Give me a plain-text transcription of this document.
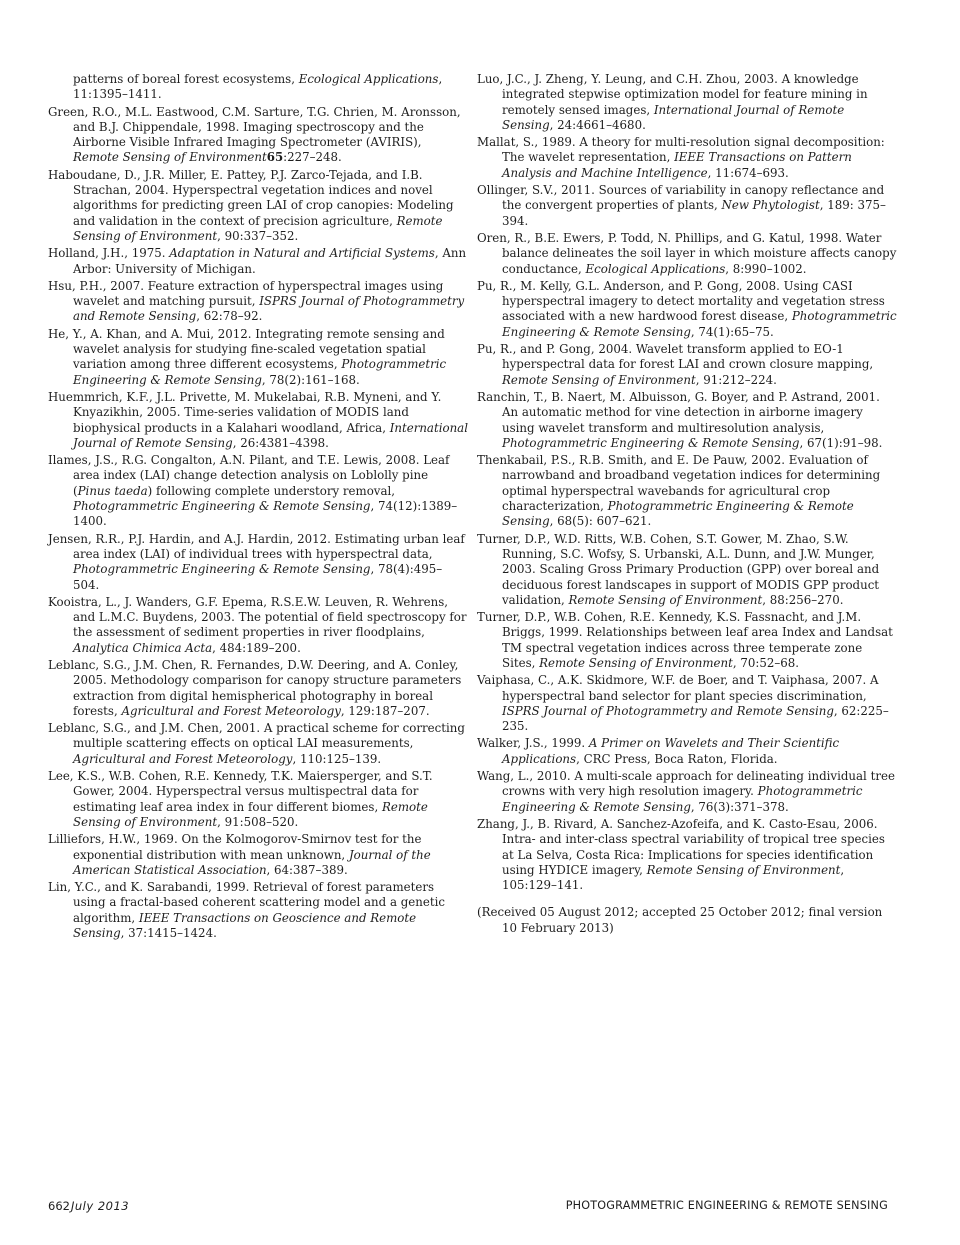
patterns of boreal forest ecosystems, Ecological Applications, 11:1395–1411.

Green, R.O., M.L. Eastwood, C.M. Sarture, T.G. Chrien, M. Aronsson, and B.J. Chippendale, 1998. Imaging spectroscopy and the Airborne Visible Infrared Imaging Spectrometer (AVIRIS), Remote Sensing of Environment65:227–248.

Haboudane, D., J.R. Miller, E. Pattey, P.J. Zarco-Tejada, and I.B. Strachan, 2004. Hyperspectral vegetation indices and novel algorithms for predicting green LAI of crop canopies: Modeling and validation in the context of precision agriculture, Remote Sensing of Environment, 90:337–352.

Holland, J.H., 1975. Adaptation in Natural and Artificial Systems, Ann Arbor: University of Michigan.

Hsu, P.H., 2007. Feature extraction of hyperspectral images using wavelet and matching pursuit, ISPRS Journal of Photogrammetry and Remote Sensing, 62:78–92.

He, Y., A. Khan, and A. Mui, 2012. Integrating remote sensing and wavelet analysis for studying fine-scaled vegetation spatial variation among three different ecosystems, Photogrammetric Engineering & Remote Sensing, 78(2):161–168.

Huemmrich, K.F., J.L. Privette, M. Mukelabai, R.B. Myneni, and Y. Knyazikhin, 2005. Time-series validation of MODIS land biophysical products in a Kalahari woodland, Africa, International Journal of Remote Sensing, 26:4381–4398.

Ilames, J.S., R.G. Congalton, A.N. Pilant, and T.E. Lewis, 2008. Leaf area index (LAI) change detection analysis on Loblolly pine (Pinus taeda) following complete understory removal, Photogrammetric Engineering & Remote Sensing, 74(12):1389–1400.

Jensen, R.R., P.J. Hardin, and A.J. Hardin, 2012. Estimating urban leaf area index (LAI) of individual trees with hyperspectral data, Photogrammetric Engineering & Remote Sensing, 78(4):495–504.

Kooistra, L., J. Wanders, G.F. Epema, R.S.E.W. Leuven, R. Wehrens, and L.M.C. Buydens, 2003. The potential of field spectroscopy for the assessment of sediment properties in river floodplains, Analytica Chimica Acta, 484:189–200.

Leblanc, S.G., J.M. Chen, R. Fernandes, D.W. Deering, and A. Conley, 2005. Methodology comparison for canopy structure parameters extraction from digital hemispherical photography in boreal forests, Agricultural and Forest Meteorology, 129:187–207.

Leblanc, S.G., and J.M. Chen, 2001. A practical scheme for correcting multiple scattering effects on optical LAI measurements, Agricultural and Forest Meteorology, 110:125–139.

Lee, K.S., W.B. Cohen, R.E. Kennedy, T.K. Maiersperger, and S.T. Gower, 2004. Hyperspectral versus multispectral data for estimating leaf area index in four different biomes, Remote Sensing of Environment, 91:508–520.

Lilliefors, H.W., 1969. On the Kolmogorov-Smirnov test for the exponential distribution with mean unknown, Journal of the American Statistical Association, 64:387–389.

Lin, Y.C., and K. Sarabandi, 1999. Retrieval of forest parameters using a fractal-based coherent scattering model and a genetic algorithm, IEEE Transactions on Geoscience and Remote Sensing, 37:1415–1424.

Luo, J.C., J. Zheng, Y. Leung, and C.H. Zhou, 2003. A knowledge integrated stepwise optimization model for feature mining in remotely sensed images, International Journal of Remote Sensing, 24:4661–4680.

Mallat, S., 1989. A theory for multi-resolution signal decomposition: The wavelet representation, IEEE Transactions on Pattern Analysis and Machine Intelligence, 11:674–693.

Ollinger, S.V., 2011. Sources of variability in canopy reflectance and the convergent properties of plants, New Phytologist, 189: 375–394.

Oren, R., B.E. Ewers, P. Todd, N. Phillips, and G. Katul, 1998. Water balance delineates the soil layer in which moisture affects canopy conductance, Ecological Applications, 8:990–1002.

Pu, R., M. Kelly, G.L. Anderson, and P. Gong, 2008. Using CASI hyperspectral imagery to detect mortality and vegetation stress associated with a new hardwood forest disease, Photogrammetric Engineering & Remote Sensing, 74(1):65–75.

Pu, R., and P. Gong, 2004. Wavelet transform applied to EO-1 hyperspectral data for forest LAI and crown closure mapping, Remote Sensing of Environment, 91:212–224.

Ranchin, T., B. Naert, M. Albuisson, G. Boyer, and P. Astrand, 2001. An automatic method for vine detection in airborne imagery using wavelet transform and multiresolution analysis, Photogrammetric Engineering & Remote Sensing, 67(1):91–98.

Thenkabail, P.S., R.B. Smith, and E. De Pauw, 2002. Evaluation of narrowband and broadband vegetation indices for determining optimal hyperspectral wavebands for agricultural crop characterization, Photogrammetric Engineering & Remote Sensing, 68(5): 607–621.

Turner, D.P., W.D. Ritts, W.B. Cohen, S.T. Gower, M. Zhao, S.W. Running, S.C. Wofsy, S. Urbanski, A.L. Dunn, and J.W. Munger, 2003. Scaling Gross Primary Production (GPP) over boreal and deciduous forest landscapes in support of MODIS GPP product validation, Remote Sensing of Environment, 88:256–270.

Turner, D.P., W.B. Cohen, R.E. Kennedy, K.S. Fassnacht, and J.M. Briggs, 1999. Relationships between leaf area Index and Landsat TM spectral vegetation indices across three temperate zone Sites, Remote Sensing of Environment, 70:52–68.

Vaiphasa, C., A.K. Skidmore, W.F. de Boer, and T. Vaiphasa, 2007. A hyperspectral band selector for plant species discrimination, ISPRS Journal of Photogrammetry and Remote Sensing, 62:225–235.

Walker, J.S., 1999. A Primer on Wavelets and Their Scientific Applications, CRC Press, Boca Raton, Florida.

Wang, L., 2010. A multi-scale approach for delineating individual tree crowns with very high resolution imagery. Photogrammetric Engineering & Remote Sensing, 76(3):371–378.

Zhang, J., B. Rivard, A. Sanchez-Azofeifa, and K. Casto-Esau, 2006. Intra- and inter-class spectral variability of tropical tree species at La Selva, Costa Rica: Implications for species identification using HYDICE imagery, Remote Sensing of Environment, 105:129–141.

(Received 05 August 2012; accepted 25 October 2012; final version 10 February 2013)

662 July 2013	PHOTOGRAMMETRIC ENGINEERING & REMOTE SENSING
